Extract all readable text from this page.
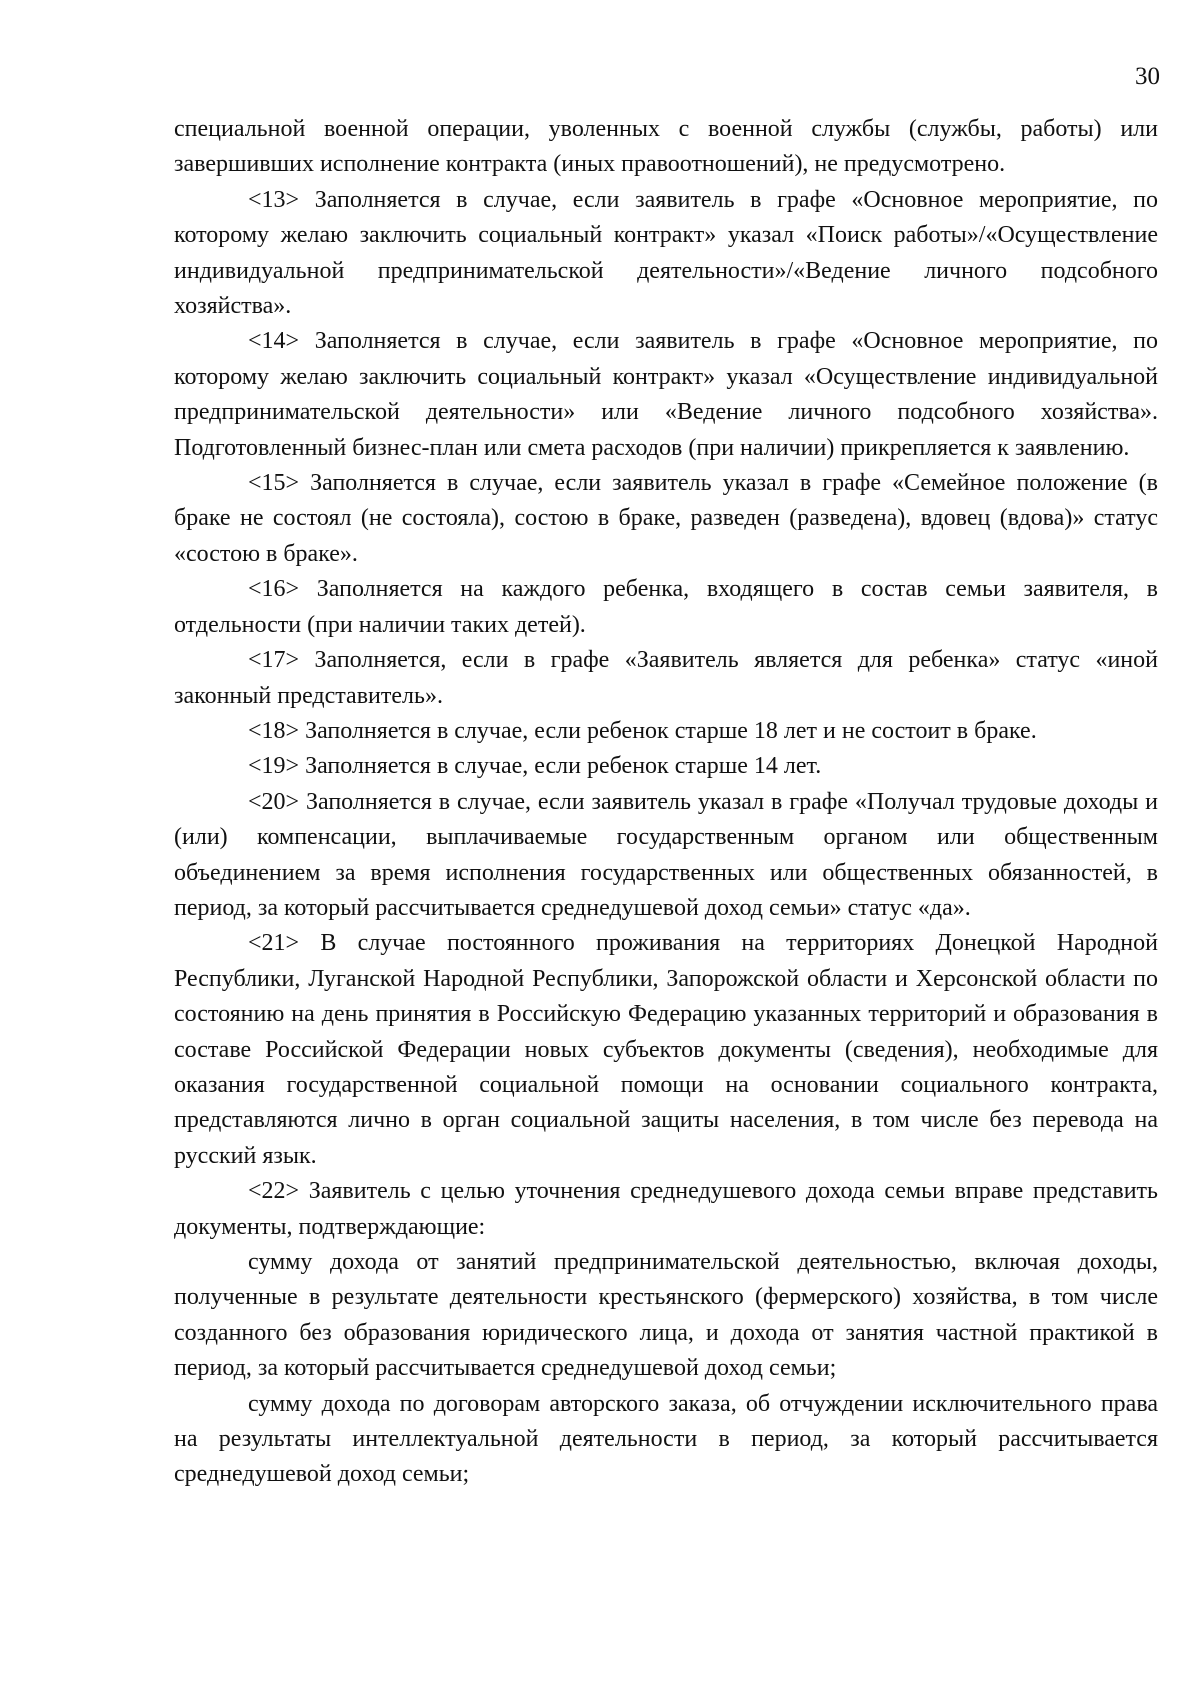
30

специальной военной операции, уволенных с военной службы (службы, работы) или завершивших исполнение контракта (иных правоотношений), не предусмотрено.

<13> Заполняется в случае, если заявитель в графе «Основное мероприятие, по которому желаю заключить социальный контракт» указал «Поиск работы»/«Осуществление индивидуальной предпринимательской деятельности»/«Ведение личного подсобного хозяйства».

<14> Заполняется в случае, если заявитель в графе «Основное мероприятие, по которому желаю заключить социальный контракт» указал «Осуществление индивидуальной предпринимательской деятельности» или «Ведение личного подсобного хозяйства». Подготовленный бизнес-план или смета расходов (при наличии) прикрепляется к заявлению.

<15> Заполняется в случае, если заявитель указал в графе «Семейное положение (в браке не состоял (не состояла), состою в браке, разведен (разведена), вдовец (вдова)» статус «состою в браке».

<16> Заполняется на каждого ребенка, входящего в состав семьи заявителя, в отдельности (при наличии таких детей).

<17> Заполняется, если в графе «Заявитель является для ребенка» статус «иной законный представитель».

<18> Заполняется в случае, если ребенок старше 18 лет и не состоит в браке.

<19> Заполняется в случае, если ребенок старше 14 лет.

<20> Заполняется в случае, если заявитель указал в графе «Получал трудовые доходы и (или) компенсации, выплачиваемые государственным органом или общественным объединением за время исполнения государственных или общественных обязанностей, в период, за который рассчитывается среднедушевой доход семьи» статус «да».

<21> В случае постоянного проживания на территориях Донецкой Народной Республики, Луганской Народной Республики, Запорожской области и Херсонской области по состоянию на день принятия в Российскую Федерацию указанных территорий и образования в составе Российской Федерации новых субъектов документы (сведения), необходимые для оказания государственной социальной помощи на основании социального контракта, представляются лично в орган социальной защиты населения, в том числе без перевода на русский язык.

<22> Заявитель с целью уточнения среднедушевого дохода семьи вправе представить документы, подтверждающие:

сумму дохода от занятий предпринимательской деятельностью, включая доходы, полученные в результате деятельности крестьянского (фермерского) хозяйства, в том числе созданного без образования юридического лица, и дохода от занятия частной практикой в период, за который рассчитывается среднедушевой доход семьи;

сумму дохода по договорам авторского заказа, об отчуждении исключительного права на результаты интеллектуальной деятельности в период, за который рассчитывается среднедушевой доход семьи;
